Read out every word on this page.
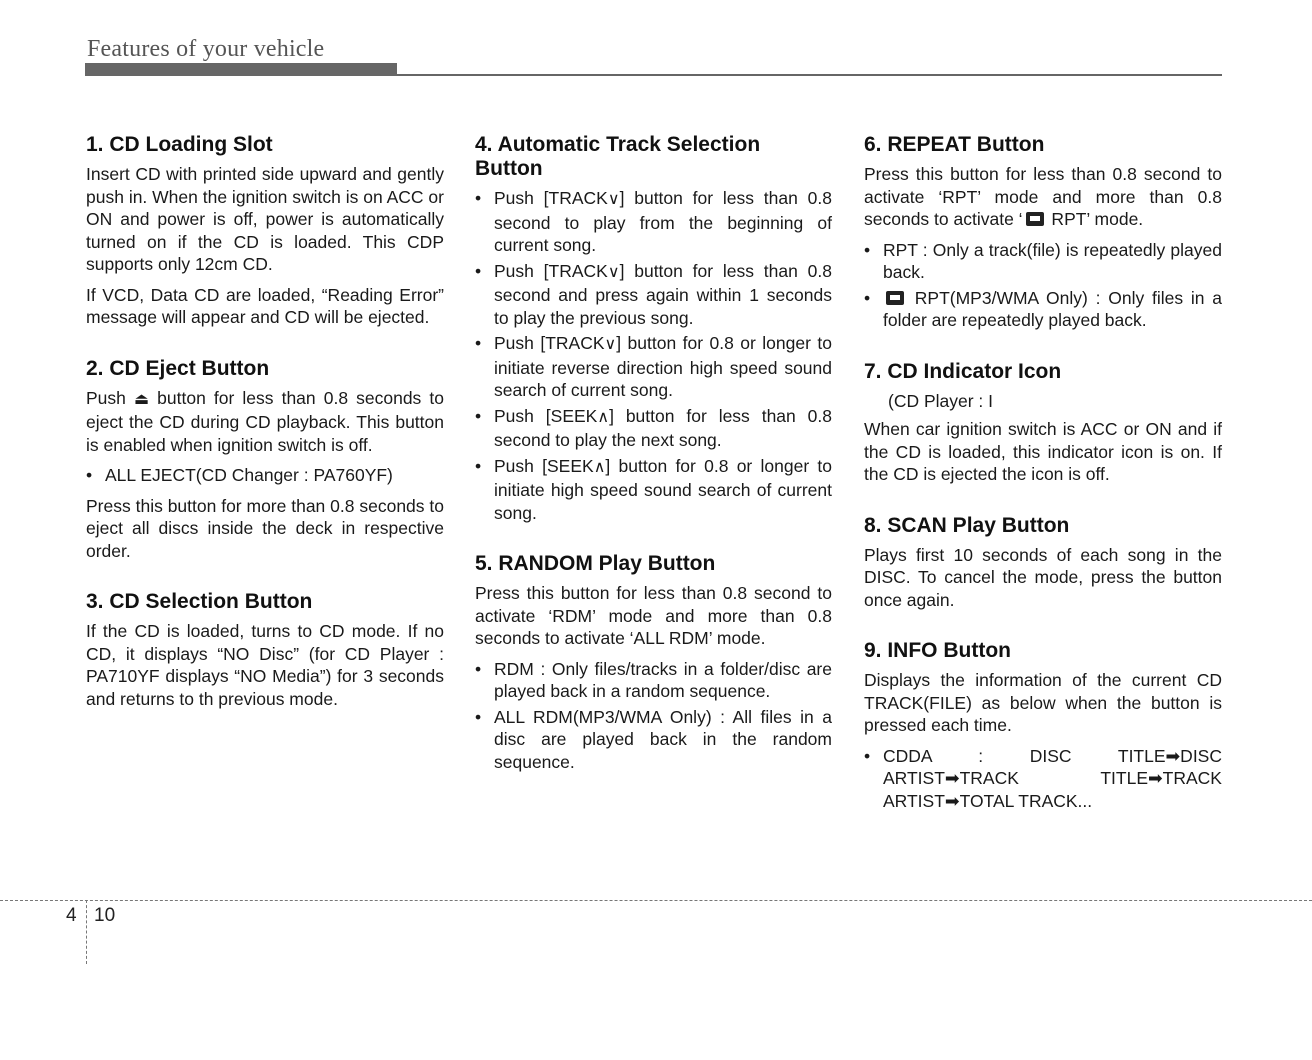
Features of your vehicle
1. CD Loading Slot

Insert CD with printed side upward and gently push in. When the ignition switch is on ACC or ON and power is off, power is automatically turned on if the CD is loaded. This CDP supports only 12cm CD.

If VCD, Data CD are loaded, “Reading Error” message will appear and CD will be ejected.

2. CD Eject Button

Push ⏏ button for less than 0.8 seconds to eject the CD during CD playback. This button is enabled when ignition switch is off.

• ALL EJECT(CD Changer : PA760YF)

Press this button for more than 0.8 seconds to eject all discs inside the deck in respective order.

3. CD Selection Button

If the CD is loaded, turns to CD mode. If no CD, it displays “NO Disc” (for CD Player : PA710YF displays “NO Media”) for 3 seconds and returns to th previous mode.

4. Automatic Track Selection Button
• Push [TRACK∨] button for less than 0.8 second to play from the beginning of current song.
• Push [TRACK∨] button for less than 0.8 second and press again within 1 seconds to play the previous song.
• Push [TRACK∨] button for 0.8 or longer to initiate reverse direction high speed sound search of current song.
• Push [SEEK∧] button for less than 0.8 second to play the next song.
• Push [SEEK∧] button for 0.8 or longer to initiate high speed sound search of current song.
5. RANDOM Play Button

Press this button for less than 0.8 second to activate ‘RDM’ mode and more than 0.8 seconds to activate ‘ALL RDM’ mode.

• RDM : Only files/tracks in a folder/disc are played back in a random sequence.
• ALL RDM(MP3/WMA Only) : All files in a disc are played back in the random sequence.
6. REPEAT Button

Press this button for less than 0.8 second to activate ‘RPT’ mode and more than 0.8 seconds to activate ‘ RPT’ mode.

• RPT : Only a track(file) is repeatedly played back.
• RPT(MP3/WMA Only) : Only files in a folder are repeatedly played back.
7. CD Indicator Icon

(CD Player : I

When car ignition switch is ACC or ON and if the CD is loaded, this indicator icon is on. If the CD is ejected the icon is off.

8. SCAN Play Button

Plays first 10 seconds of each song in the DISC. To cancel the mode, press the button once again.

9. INFO Button

Displays the information of the current CD TRACK(FILE) as below when the button is pressed each time.

• CDDA : DISC TITLE➡DISC ARTIST➡TRACK TITLE➡TRACK ARTIST➡TOTAL TRACK...
4 10
